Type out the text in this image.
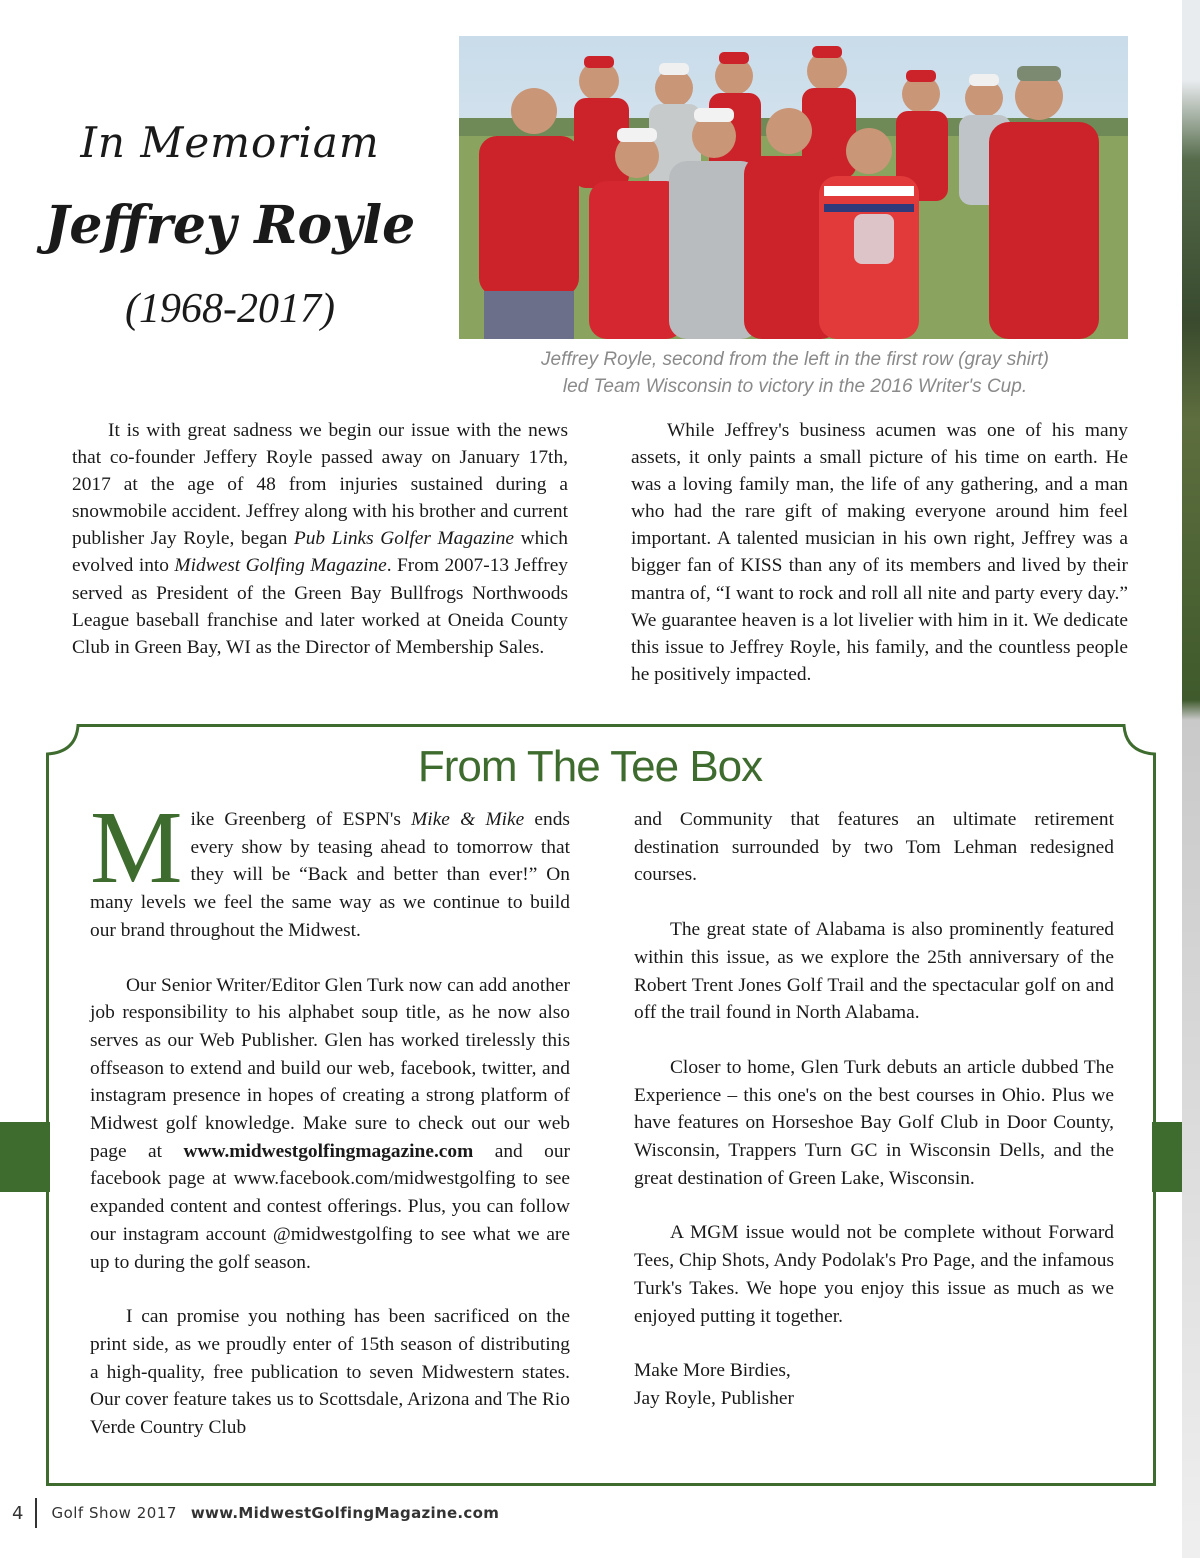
In Memoriam
Jeffrey Royle
(1968-2017)
Jeffrey Royle, second from the left in the first row (gray shirt)
led Team Wisconsin to victory in the 2016 Writer's Cup.

It is with great sadness we begin our issue with the news that co-founder Jeffery Royle passed away on January 17th, 2017 at the age of 48 from injuries sustained during a snowmobile accident. Jeffrey along with his brother and current publisher Jay Royle, began Pub Links Golfer Magazine which evolved into Midwest Golfing Magazine. From 2007-13 Jeffrey served as President of the Green Bay Bullfrogs Northwoods League baseball franchise and later worked at Oneida County Club in Green Bay, WI as the Director of Membership Sales.

While Jeffrey's business acumen was one of his many assets, it only paints a small picture of his time on earth. He was a loving family man, the life of any gathering, and a man who had the rare gift of making everyone around him feel important. A talented musician in his own right, Jeffrey was a bigger fan of KISS than any of its members and lived by their mantra of, “I want to rock and roll all nite and party every day.” We guarantee heaven is a lot livelier with him in it. We dedicate this issue to Jeffrey Royle, his family, and the countless people he positively impacted.

From The Tee Box

Mike Greenberg of ESPN's Mike & Mike ends every show by teasing ahead to tomorrow that they will be “Back and better than ever!” On many levels we feel the same way as we continue to build our brand throughout the Midwest.

Our Senior Writer/Editor Glen Turk now can add another job responsibility to his alphabet soup title, as he now also serves as our Web Publisher. Glen has worked tirelessly this offseason to extend and build our web, facebook, twitter, and instagram presence in hopes of creating a strong platform of Midwest golf knowledge. Make sure to check out our web page at www.midwestgolfingmagazine.com and our facebook page at www.facebook.com/midwestgolfing to see expanded content and contest offerings. Plus, you can follow our instagram account @midwestgolfing to see what we are up to during the golf season.

I can promise you nothing has been sacrificed on the print side, as we proudly enter of 15th season of distributing a high-quality, free publication to seven Midwestern states. Our cover feature takes us to Scottsdale, Arizona and The Rio Verde Country Club

and Community that features an ultimate retirement destination surrounded by two Tom Lehman redesigned courses.

The great state of Alabama is also prominently featured within this issue, as we explore the 25th anniversary of the Robert Trent Jones Golf Trail and the spectacular golf on and off the trail found in North Alabama.

Closer to home, Glen Turk debuts an article dubbed The Experience – this one's on the best courses in Ohio. Plus we have features on Horseshoe Bay Golf Club in Door County, Wisconsin, Trappers Turn GC in Wisconsin Dells, and the great destination of Green Lake, Wisconsin.

A MGM issue would not be complete without Forward Tees, Chip Shots, Andy Podolak's Pro Page, and the infamous Turk's Takes. We hope you enjoy this issue as much as we enjoyed putting it together.

Make More Birdies,

Jay Royle, Publisher

4 Golf Show 2017 www.MidwestGolfingMagazine.com
